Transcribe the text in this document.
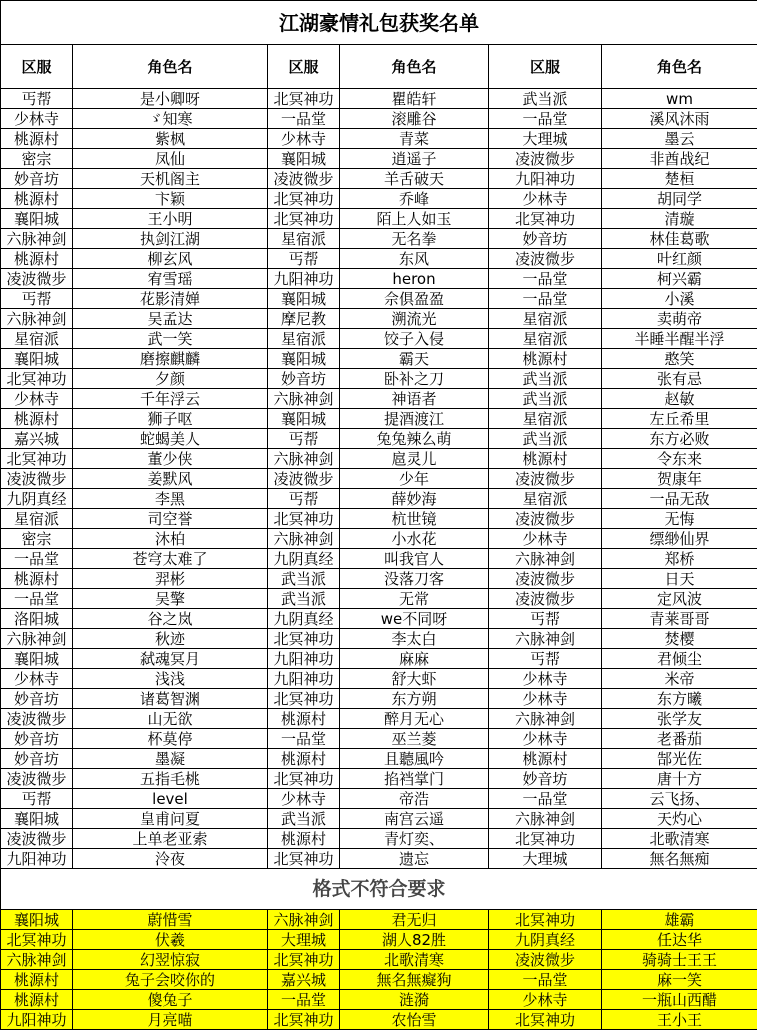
江湖豪情礼包获奖名单					
区服	角色名	区服	角色名	区服	角色名
丐帮	是小卿呀	北冥神功	瞿皓轩	武当派	wm
少林寺	ゞ知寒	一品堂	滚雕谷	一品堂	溪风沐雨
桃源村	紫枫	少林寺	青菜	大理城	墨云
密宗	凤仙	襄阳城	逍遥子	凌波微步	非酋战纪
妙音坊	天机阁主	凌波微步	羊舌破天	九阳神功	楚桓
桃源村	卞颖	北冥神功	乔峰	少林寺	胡同学
襄阳城	王小明	北冥神功	陌上人如玉	北冥神功	清璇
六脉神剑	执剑江湖	星宿派	无名拳	妙音坊	林佳葛歌
桃源村	柳玄风	丐帮	东风	凌波微步	叶红颜
凌波微步	宥雪瑶	九阳神功	heron	一品堂	柯兴霸
丐帮	花影清婵	襄阳城	佘俱盈盈	一品堂	小溪
六脉神剑	吴孟达	摩尼教	溯流光	星宿派	卖萌帝
星宿派	武一笑	星宿派	饺子入侵	星宿派	半睡半醒半浮
襄阳城	磨擦麒麟	襄阳城	霸天	桃源村	憨笑
北冥神功	夕颜	妙音坊	卧补之刀	武当派	张有忌
少林寺	千年浮云	六脉神剑	神语者	武当派	赵敏
桃源村	狮子呕	襄阳城	提酒渡江	星宿派	左丘希里
嘉兴城	蛇蝎美人	丐帮	兔兔辣么萌	武当派	东方必败
北冥神功	董少侠	六脉神剑	扈灵儿	桃源村	令东来
凌波微步	姜默风	凌波微步	少年	凌波微步	贺康年
九阴真经	李黑	丐帮	薛妙海	星宿派	一品无敌
星宿派	司空誉	北冥神功	杭世镜	凌波微步	无悔
密宗	沐柏	六脉神剑	小水花	少林寺	缥缈仙界
一品堂	苍穹太难了	九阴真经	叫我官人	六脉神剑	郑桥
桃源村	羿彬	武当派	没落刀客	凌波微步	日天
一品堂	吴擎	武当派	无常	凌波微步	定风波
洛阳城	谷之岚	九阴真经	we不同呀	丐帮	青莱哥哥
六脉神剑	秋迹	北冥神功	李太白	六脉神剑	焚樱
襄阳城	弑魂冥月	九阳神功	麻麻	丐帮	君倾尘
少林寺	浅浅	九阳神功	舒大虾	少林寺	米帝
妙音坊	诸葛智渊	北冥神功	东方朔	少林寺	东方曦
凌波微步	山无欲	桃源村	醉月无心	六脉神剑	张学友
妙音坊	杯莫停	一品堂	巫兰菱	少林寺	老番茄
妙音坊	墨凝	桃源村	且聽風吟	桃源村	郜光佐
凌波微步	五指毛桃	北冥神功	掐裆掌门	妙音坊	唐十方
丐帮	level	少林寺	帝浩	一品堂	云飞扬、
襄阳城	皇甫问夏	武当派	南宫云遥	六脉神剑	天灼心
凌波微步	上单老亚索	桃源村	青灯奕、	北冥神功	北歌清寒
九阳神功	泠夜	北冥神功	遗忘	大理城	無名無痴
格式不符合要求					
襄阳城	蔚惜雪	六脉神剑	君无归	北冥神功	雄霸
北冥神功	伏羲	大理城	湖人82胜	九阴真经	任达华
六脉神剑	幻翌惊寂	北冥神功	北歌清寒	凌波微步	骑骑士王王
桃源村	兔子会咬你的	嘉兴城	無名無癡狗	一品堂	麻一笑
桃源村	傻兔子	一品堂	涟漪	少林寺	一瓶山西醋
九阳神功	月亮喵	北冥神功	农怡雪	北冥神功	王小王
